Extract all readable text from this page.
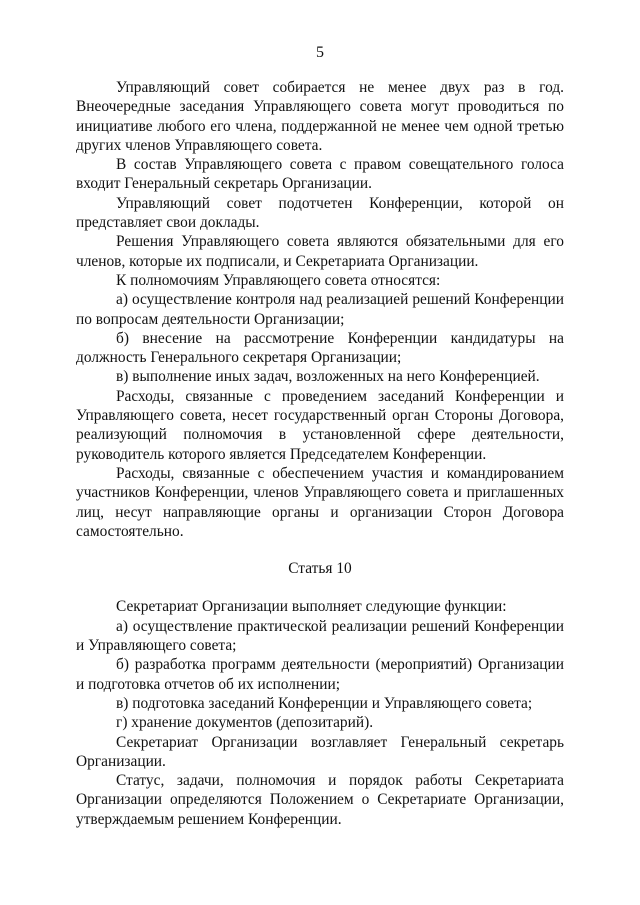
5

Управляющий совет собирается не менее двух раз в год. Внеочередные заседания Управляющего совета могут проводиться по инициативе любого его члена, поддержанной не менее чем одной третью других членов Управляющего совета.

В состав Управляющего совета с правом совещательного голоса входит Генеральный секретарь Организации.

Управляющий совет подотчетен Конференции, которой он представляет свои доклады.

Решения Управляющего совета являются обязательными для его членов, которые их подписали, и Секретариата Организации.

К полномочиям Управляющего совета относятся:

а) осуществление контроля над реализацией решений Конференции по вопросам деятельности Организации;

б) внесение на рассмотрение Конференции кандидатуры на должность Генерального секретаря Организации;

в) выполнение иных задач, возложенных на него Конференцией.

Расходы, связанные с проведением заседаний Конференции и Управляющего совета, несет государственный орган Стороны Договора, реализующий полномочия в установленной сфере деятельности, руководитель которого является Председателем Конференции.

Расходы, связанные с обеспечением участия и командированием участников Конференции, членов Управляющего совета и приглашенных лиц, несут направляющие органы и организации Сторон Договора самостоятельно.

Статья 10

Секретариат Организации выполняет следующие функции:

а) осуществление практической реализации решений Конференции и Управляющего совета;

б) разработка программ деятельности (мероприятий) Организации и подготовка отчетов об их исполнении;

в) подготовка заседаний Конференции и Управляющего совета;

г) хранение документов (депозитарий).

Секретариат Организации возглавляет Генеральный секретарь Организации.

Статус, задачи, полномочия и порядок работы Секретариата Организации определяются Положением о Секретариате Организации, утверждаемым решением Конференции.
